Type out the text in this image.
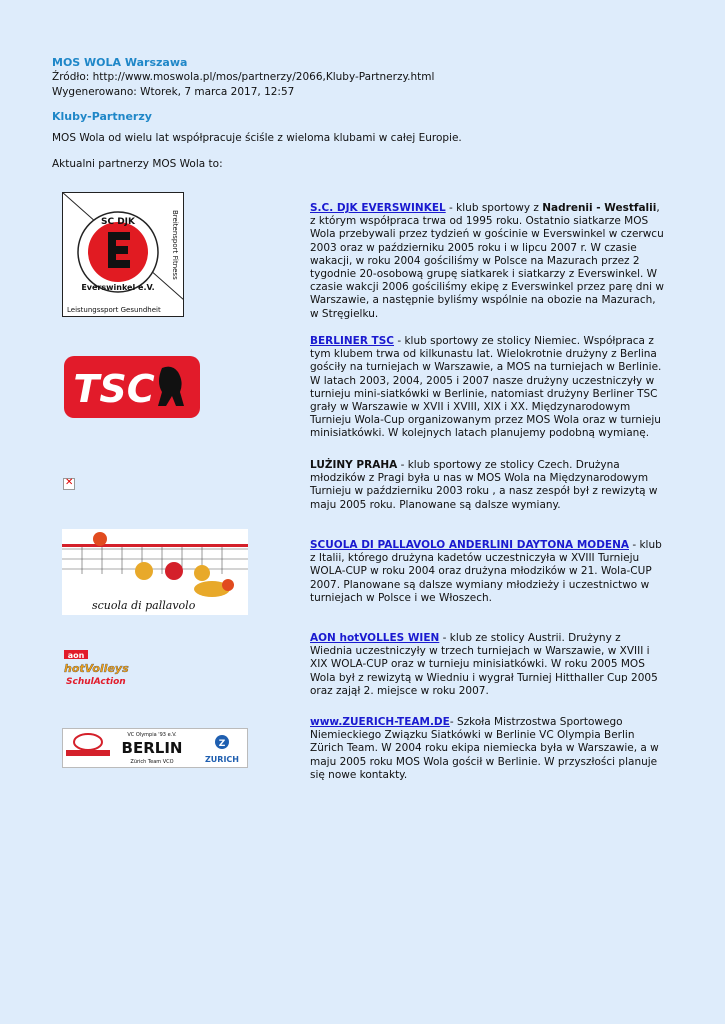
MOS WOLA Warszawa
Źródło: http://www.moswola.pl/mos/partnerzy/2066,Kluby-Partnerzy.html
Wygenerowano: Wtorek, 7 marca 2017, 12:57
Kluby-Partnerzy
MOS Wola od wielu lat współpracuje ściśle z wieloma klubami w całej Europie.
Aktualni partnerzy MOS Wola to:
SC DJK
Everswinkel e.V.
Breitensport Fitness
Leistungssport Gesundheit
TSC
✕
scuola di pallavolo
aon
hotVolleys
SchulAction
VC Olympia '93 e.V.
BERLIN
Zürich Team VCO
Z
ZURICH
S.C. DJK EVERSWINKEL - klub sportowy z Nadrenii - Westfalii, z którym współpraca trwa od 1995 roku. Ostatnio siatkarze MOS Wola przebywali przez tydzień w gościnie w Everswinkel w czerwcu 2003 oraz w październiku 2005 roku i w lipcu 2007 r. W czasie wakacji, w roku 2004 gościliśmy w Polsce na Mazurach przez 2 tygodnie 20-osobową grupę siatkarek i siatkarzy z Everswinkel. W czasie wakcji 2006 gościliśmy ekipę z Everswinkel przez parę dni w Warszawie, a następnie byliśmy wspólnie na obozie na Mazurach, w Stręgielku.
BERLINER TSC - klub sportowy ze stolicy Niemiec. Współpraca z tym klubem trwa od kilkunastu lat. Wielokrotnie drużyny z Berlina gościły na turniejach w Warszawie, a MOS na turniejach w Berlinie. W latach 2003, 2004, 2005 i 2007 nasze drużyny uczestniczyły w turnieju mini-siatkówki w Berlinie, natomiast drużyny Berliner TSC grały w Warszawie w XVII i XVIII, XIX i XX. Międzynarodowym Turnieju Wola-Cup organizowanym przez MOS Wola oraz w turnieju minisiatkówki. W kolejnych latach planujemy podobną wymianę.
LUŻINY PRAHA - klub sportowy ze stolicy Czech. Drużyna młodzików z Pragi była u nas w MOS Wola na Międzynarodowym Turnieju w październiku 2003 roku , a nasz zespół był z rewizytą w maju 2005 roku. Planowane są dalsze wymiany.
SCUOLA DI PALLAVOLO ANDERLINI DAYTONA MODENA - klub z Italii, którego drużyna kadetów uczestniczyła w XVIII Turnieju WOLA-CUP w roku 2004 oraz drużyna młodzików w 21. Wola-CUP 2007. Planowane są dalsze wymiany młodzieży i uczestnictwo w turniejach w Polsce i we Włoszech.
AON hotVOLLES WIEN - klub ze stolicy Austrii. Drużyny z Wiednia uczestniczyły w trzech turniejach w Warszawie, w XVIII i XIX WOLA-CUP oraz w turnieju minisiatkówki. W roku 2005 MOS Wola był z rewizytą w Wiedniu i wygrał Turniej Hitthaller Cup 2005 oraz zajął 2. miejsce w roku 2007.
www.ZUERICH-TEAM.DE- Szkoła Mistrzostwa Sportowego Niemieckiego Związku Siatkówki w Berlinie VC Olympia Berlin Zürich Team. W 2004 roku ekipa niemiecka była w Warszawie, a w maju 2005 roku MOS Wola gościł w Berlinie. W przyszłości planuje się nowe kontakty.
